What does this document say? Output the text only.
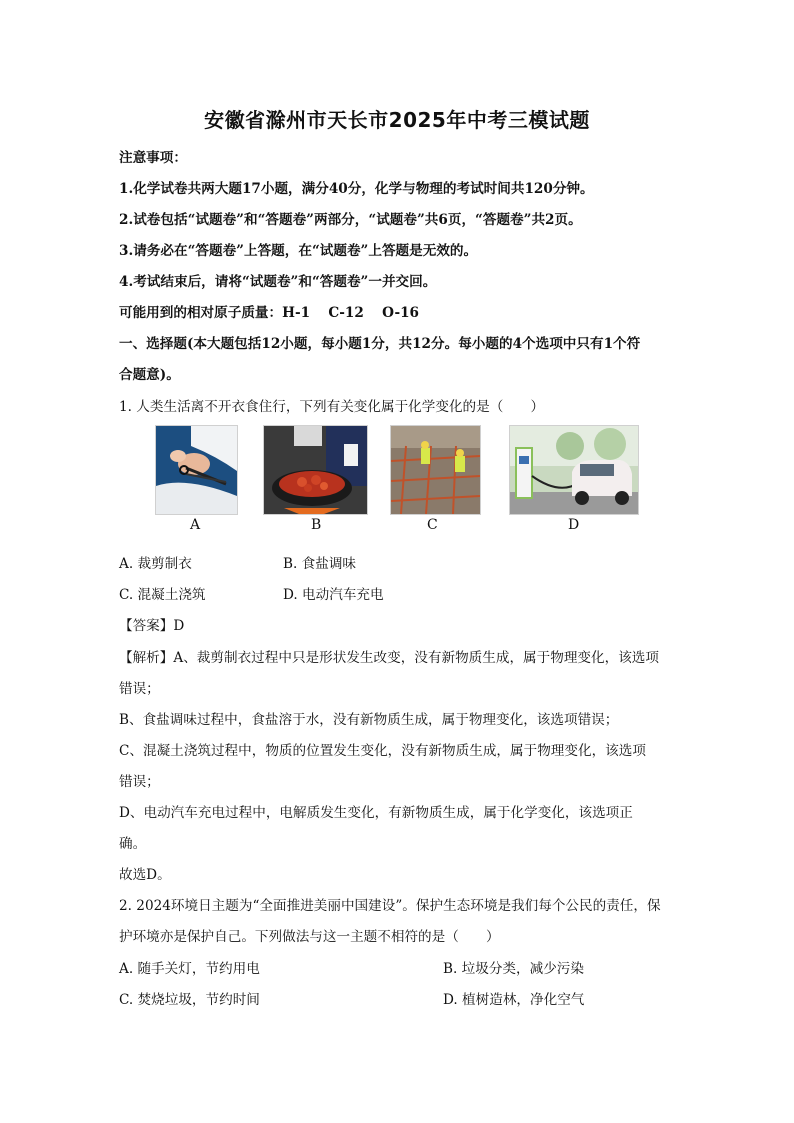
安徽省滁州市天长市2025年中考三模试题
注意事项：
1.化学试卷共两大题17小题，满分40分，化学与物理的考试时间共120分钟。
2.试卷包括“试题卷”和“答题卷”两部分，“试题卷”共6页，“答题卷”共2页。
3.请务必在“答题卷”上答题，在“试题卷”上答题是无效的。
4.考试结束后，请将“试题卷”和“答题卷”一并交回。
可能用到的相对原子质量：H-1　 C-12　 O-16
一、选择题(本大题包括12小题，每小题1分，共12分。每小题的4个选项中只有1个符
合题意)。
1. 人类生活离不开衣食住行，下列有关变化属于化学变化的是（　　）
A	B	C	D
A. 裁剪制衣	B. 食盐调味
C. 混凝土浇筑	D. 电动汽车充电
【答案】D
【解析】A、裁剪制衣过程中只是形状发生改变，没有新物质生成，属于物理变化，该选项
错误；
B、食盐调味过程中，食盐溶于水，没有新物质生成，属于物理变化，该选项错误；
C、混凝土浇筑过程中，物质的位置发生变化，没有新物质生成，属于物理变化，该选项
错误；
D、电动汽车充电过程中，电解质发生变化，有新物质生成，属于化学变化，该选项正
确。
故选D。
2. 2024环境日主题为“全面推进美丽中国建设”。保护生态环境是我们每个公民的责任，保
护环境亦是保护自己。下列做法与这一主题不相符的是（　　）
A. 随手关灯，节约用电	B. 垃圾分类，减少污染
C. 焚烧垃圾，节约时间	D. 植树造林，净化空气
